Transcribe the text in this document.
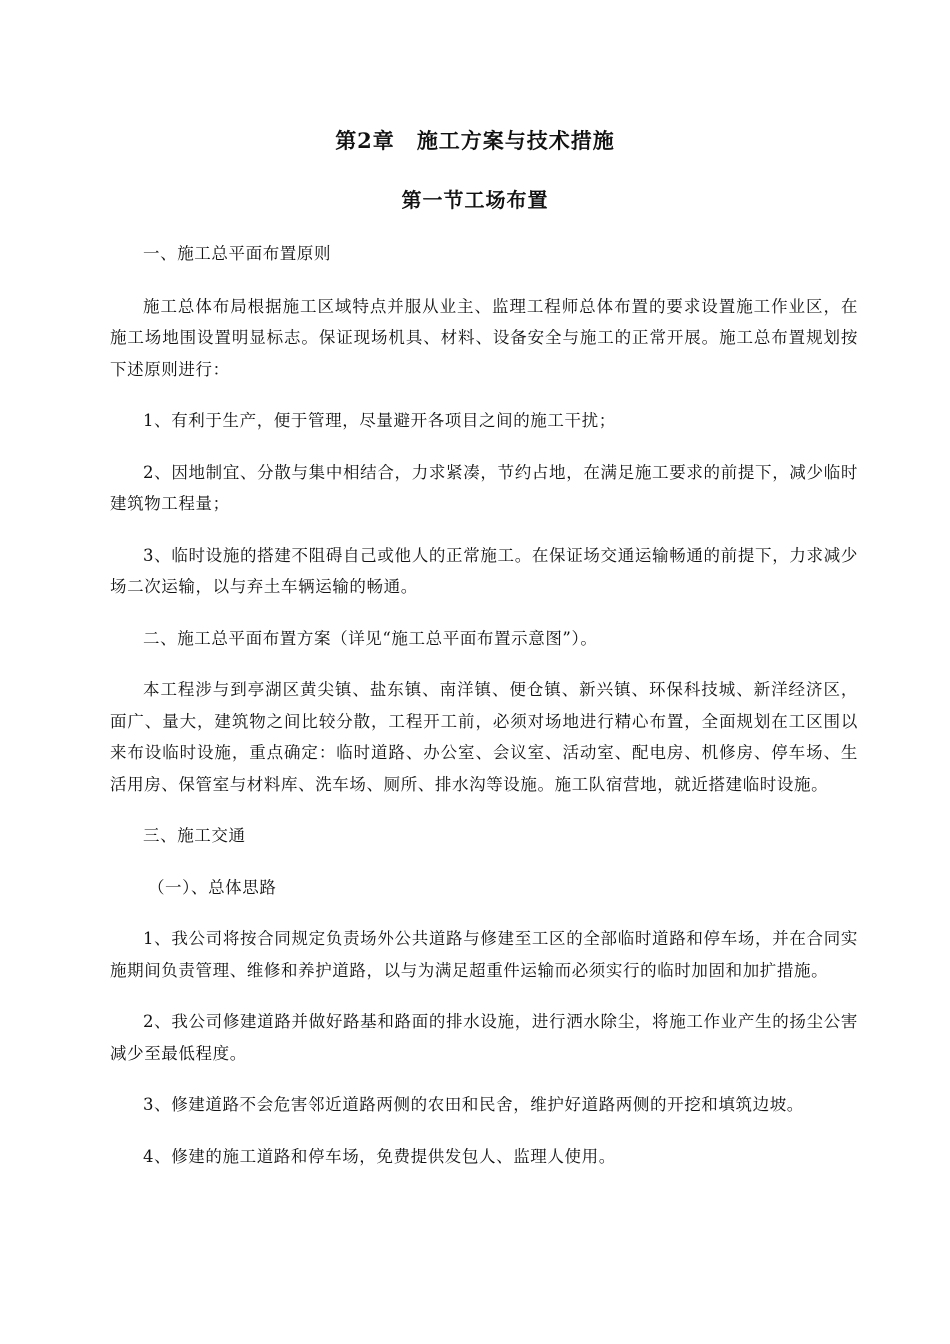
第2章 施工方案与技术措施
第一节工场布置

一、施工总平面布置原则

施工总体布局根据施工区域特点并服从业主、监理工程师总体布置的要求设置施工作业区，在施工场地围设置明显标志。保证现场机具、材料、设备安全与施工的正常开展。施工总布置规划按下述原则进行：

1、有利于生产，便于管理，尽量避开各项目之间的施工干扰；

2、因地制宜、分散与集中相结合，力求紧凑，节约占地，在满足施工要求的前提下，减少临时建筑物工程量；

3、临时设施的搭建不阻碍自己或他人的正常施工。在保证场交通运输畅通的前提下，力求减少场二次运输，以与弃土车辆运输的畅通。

二、施工总平面布置方案（详见“施工总平面布置示意图”）。

本工程涉与到亭湖区黄尖镇、盐东镇、南洋镇、便仓镇、新兴镇、环保科技城、新洋经济区，面广、量大，建筑物之间比较分散，工程开工前，必须对场地进行精心布置，全面规划在工区围以来布设临时设施，重点确定：临时道路、办公室、会议室、活动室、配电房、机修房、停车场、生活用房、保管室与材料库、洗车场、厕所、排水沟等设施。施工队宿营地，就近搭建临时设施。

三、施工交通

（一）、总体思路

1、我公司将按合同规定负责场外公共道路与修建至工区的全部临时道路和停车场，并在合同实施期间负责管理、维修和养护道路，以与为满足超重件运输而必须实行的临时加固和加扩措施。

2、我公司修建道路并做好路基和路面的排水设施，进行洒水除尘，将施工作业产生的扬尘公害减少至最低程度。

3、修建道路不会危害邻近道路两侧的农田和民舍，维护好道路两侧的开挖和填筑边坡。

4、修建的施工道路和停车场，免费提供发包人、监理人使用。
